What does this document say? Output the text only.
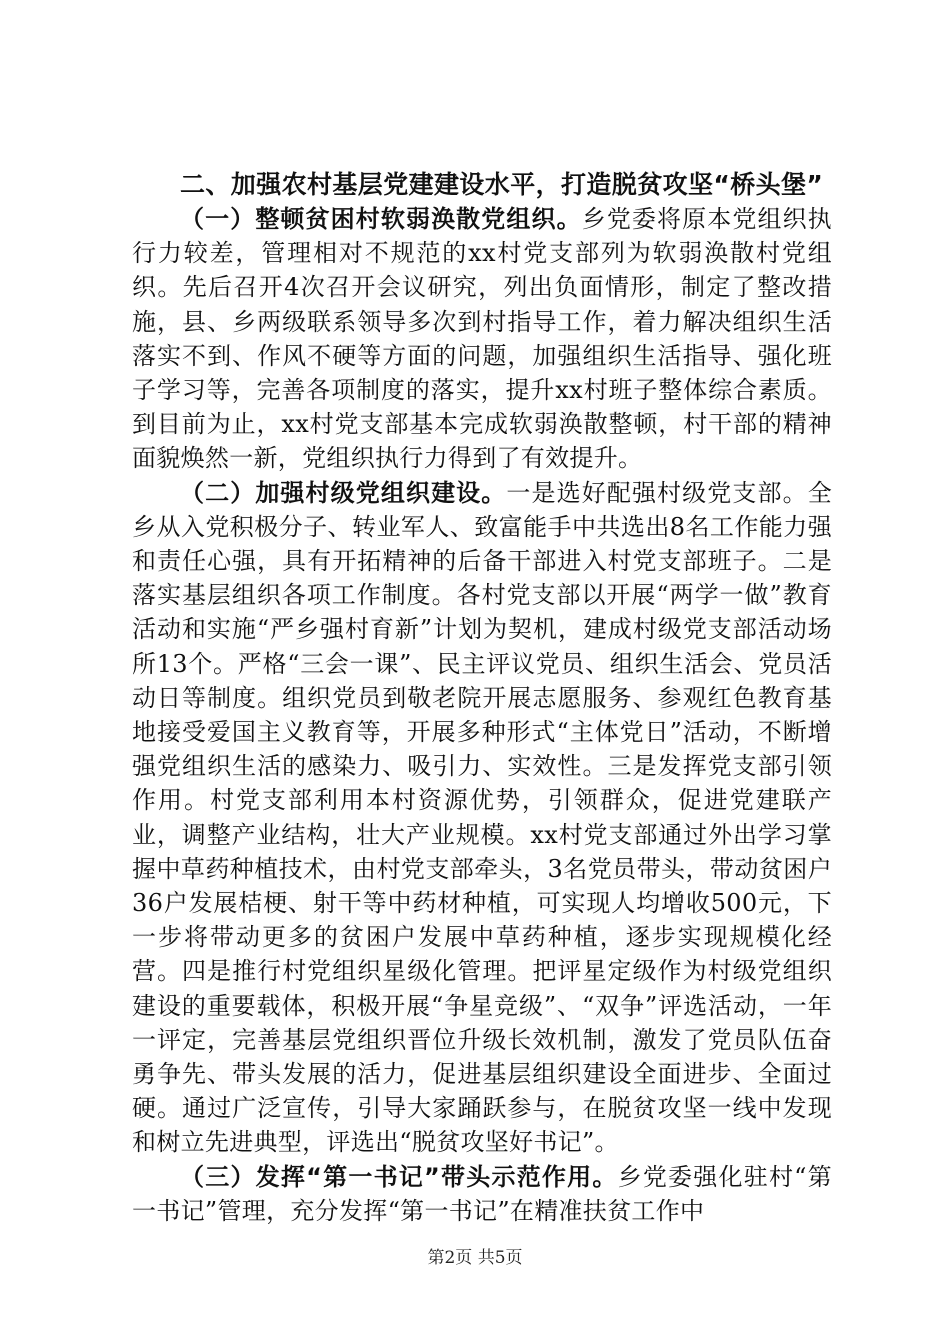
二、加强农村基层党建建设水平，打造脱贫攻坚“桥头堡”

（一）整顿贫困村软弱涣散党组织。乡党委将原本党组织执行力较差，管理相对不规范的xx村党支部列为软弱涣散村党组织。先后召开4次召开会议研究，列出负面情形，制定了整改措施，县、乡两级联系领导多次到村指导工作，着力解决组织生活落实不到、作风不硬等方面的问题，加强组织生活指导、强化班子学习等，完善各项制度的落实，提升xx村班子整体综合素质。到目前为止，xx村党支部基本完成软弱涣散整顿，村干部的精神面貌焕然一新，党组织执行力得到了有效提升。

（二）加强村级党组织建设。一是选好配强村级党支部。全乡从入党积极分子、转业军人、致富能手中共选出8名工作能力强和责任心强，具有开拓精神的后备干部进入村党支部班子。二是落实基层组织各项工作制度。各村党支部以开展“两学一做”教育活动和实施“严乡强村育新”计划为契机，建成村级党支部活动场所13个。严格“三会一课”、民主评议党员、组织生活会、党员活动日等制度。组织党员到敬老院开展志愿服务、参观红色教育基地接受爱国主义教育等，开展多种形式“主体党日”活动，不断增强党组织生活的感染力、吸引力、实效性。三是发挥党支部引领作用。村党支部利用本村资源优势，引领群众，促进党建联产业，调整产业结构，壮大产业规模。xx村党支部通过外出学习掌握中草药种植技术，由村党支部牵头，3名党员带头，带动贫困户36户发展桔梗、射干等中药材种植，可实现人均增收500元，下一步将带动更多的贫困户发展中草药种植，逐步实现规模化经营。四是推行村党组织星级化管理。把评星定级作为村级党组织建设的重要载体，积极开展“争星竞级”、“双争”评选活动，一年一评定，完善基层党组织晋位升级长效机制，激发了党员队伍奋勇争先、带头发展的活力，促进基层组织建设全面进步、全面过硬。通过广泛宣传，引导大家踊跃参与，在脱贫攻坚一线中发现和树立先进典型，评选出“脱贫攻坚好书记”。

（三）发挥“第一书记”带头示范作用。乡党委强化驻村“第一书记”管理，充分发挥“第一书记”在精准扶贫工作中

第2页 共5页
